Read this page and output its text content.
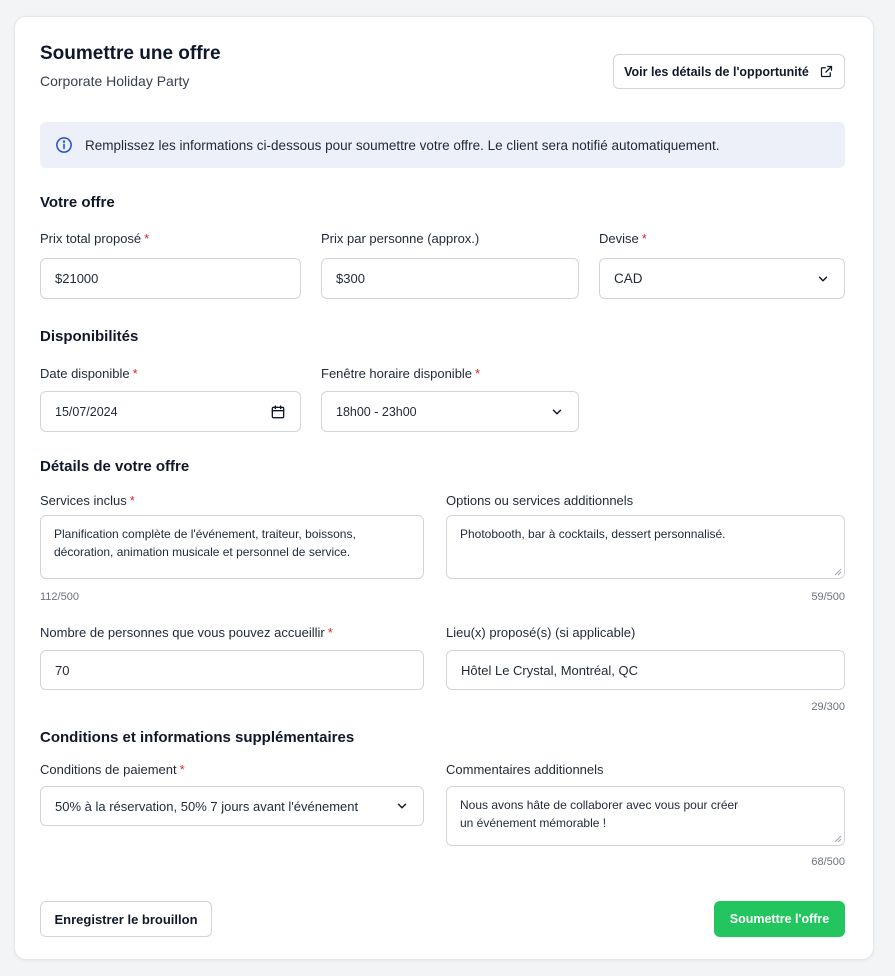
Soumettre une offre
Corporate Holiday Party
Voir les détails de l'opportunité
Remplissez les informations ci-dessous pour soumettre votre offre. Le client sera notifié automatiquement.
Votre offre
Prix total proposé *
$21000
Prix par personne (approx.)
$300
Devise *
CAD
Disponibilités
Date disponible *
15/07/2024
Fenêtre horaire disponible *
18h00 - 23h00
Détails de votre offre
Services inclus *
Planification complète de l'événement, traiteur, boissons, décoration, animation musicale et personnel de service.
112/500
Options ou services additionnels
Photobooth, bar à cocktails, dessert personnalisé.
59/500
Nombre de personnes que vous pouvez accueillir *
70
Lieu(x) proposé(s) (si applicable)
Hôtel Le Crystal, Montréal, QC
29/300
Conditions et informations supplémentaires
Conditions de paiement *
50% à la réservation, 50% 7 jours avant l'événement
Commentaires additionnels
Nous avons hâte de collaborer avec vous pour créer un événement mémorable !
68/500
Enregistrer le brouillon	Soumettre l'offre
